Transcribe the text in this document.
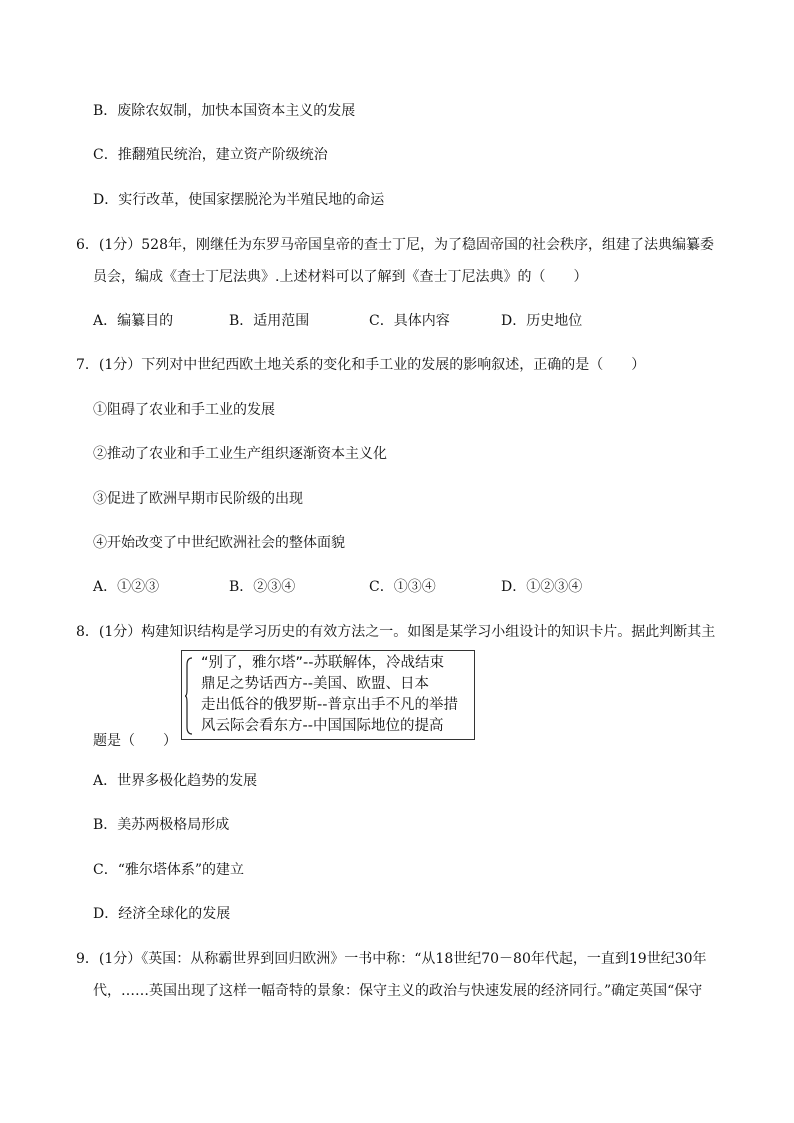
B．废除农奴制，加快本国资本主义的发展
C．推翻殖民统治，建立资产阶级统治
D．实行改革，使国家摆脱沦为半殖民地的命运
6．(1分）528年，刚继任为东罗马帝国皇帝的查士丁尼，为了稳固帝国的社会秩序，组建了法典编纂委
员会，编成《查士丁尼法典》.上述材料可以了解到《查士丁尼法典》的（　　）
A．编纂目的	B．适用范围	C．具体内容	D．历史地位
7．(1分）下列对中世纪西欧土地关系的变化和手工业的发展的影响叙述，正确的是（　　）
①阻碍了农业和手工业的发展
②推动了农业和手工业生产组织逐渐资本主义化
③促进了欧洲早期市民阶级的出现
④开始改变了中世纪欧洲社会的整体面貌
A．①②③	B．②③④	C．①③④	D．①②③④
8．(1分）构建知识结构是学习历史的有效方法之一。如图是某学习小组设计的知识卡片。据此判断其主
“别了，雅尔塔”--苏联解体，冷战结束
鼎足之势话西方--美国、欧盟、日本
走出低谷的俄罗斯--普京出手不凡的举措
风云际会看东方--中国国际地位的提高
题是（　　）
A．世界多极化趋势的发展
B．美苏两极格局形成
C．“雅尔塔体系”的建立
D．经济全球化的发展
9．(1分）《英国：从称霸世界到回归欧洲》一书中称：“从18世纪70－80年代起，一直到19世纪30年
代，……英国出现了这样一幅奇特的景象：保守主义的政治与快速发展的经济同行。”确定英国“保守
